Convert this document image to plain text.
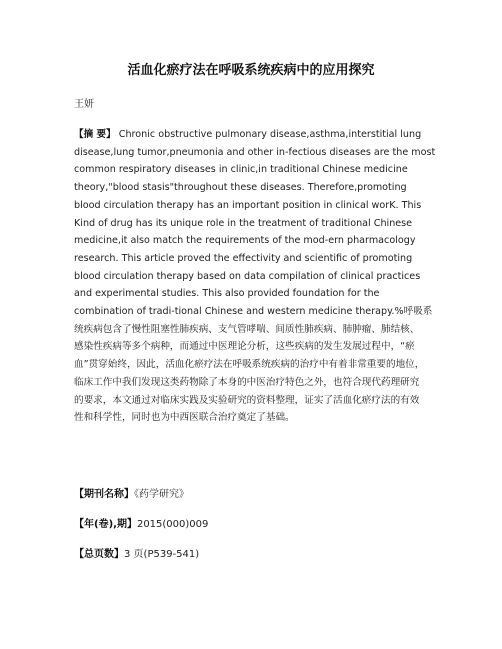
活血化瘀疗法在呼吸系统疾病中的应用探究
王妍
【摘 要】 Chronic obstructive pulmonary disease,asthma,interstitial lung
disease,lung tumor,pneumonia and other in-fectious diseases are the most
common respiratory diseases in clinic,in traditional Chinese medicine
theory,"blood stasis"throughout these diseases. Therefore,promoting
blood circulation therapy has an important position in clinical worK. This
Kind of drug has its unique role in the treatment of traditional Chinese
medicine,it also match the requirements of the mod-ern pharmacology
research. This article proved the effectivity and scientific of promoting
blood circulation therapy based on data compilation of clinical practices
and experimental studies. This also provided foundation for the
combination of tradi-tional Chinese and western medicine therapy.%呼吸系
统疾病包含了慢性阻塞性肺疾病、支气管哮喘、间质性肺疾病、肺肿瘤、肺结核、
感染性疾病等多个病种，而通过中医理论分析，这些疾病的发生发展过程中，“瘀
血”贯穿始终，因此，活血化瘀疗法在呼吸系统疾病的治疗中有着非常重要的地位，
临床工作中我们发现这类药物除了本身的中医治疗特色之外，也符合现代药理研究
的要求，本文通过对临床实践及实验研究的资料整理，证实了活血化瘀疗法的有效
性和科学性，同时也为中西医联合治疗奠定了基础。
【期刊名称】《药学研究》
【年(卷),期】2015(000)009
【总页数】3 页(P539-541)
